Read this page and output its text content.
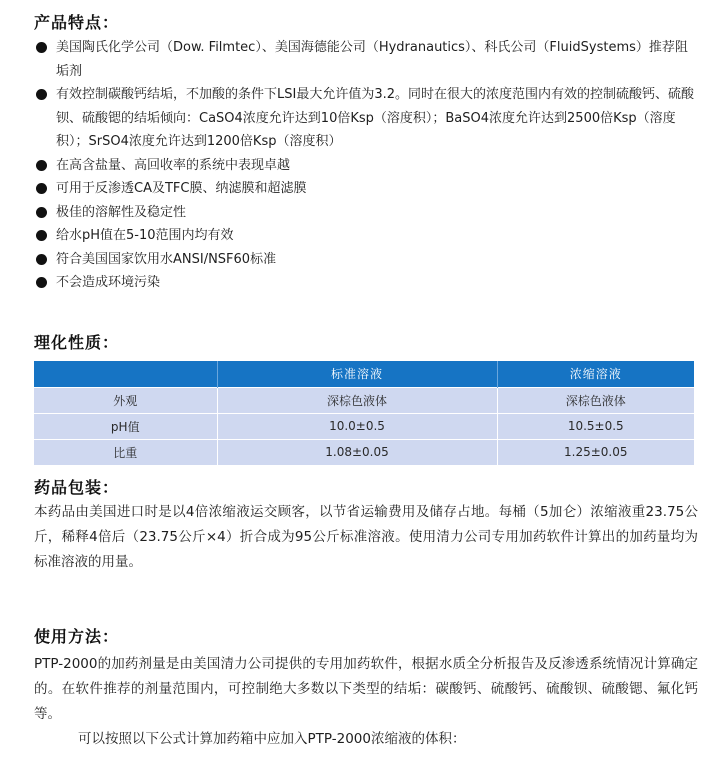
产品特点：
美国陶氏化学公司（Dow. Filmtec）、美国海德能公司（Hydranautics）、科氏公司（FluidSystems）推荐阻垢剂
有效控制碳酸钙结垢，不加酸的条件下LSI最大允许值为3.2。同时在很大的浓度范围内有效的控制硫酸钙、硫酸钡、硫酸锶的结垢倾向：CaSO4浓度允许达到10倍Ksp（溶度积）；BaSO4浓度允许达到2500倍Ksp（溶度积）；SrSO4浓度允许达到1200倍Ksp（溶度积）
在高含盐量、高回收率的系统中表现卓越
可用于反渗透CA及TFC膜、纳滤膜和超滤膜
极佳的溶解性及稳定性
给水pH值在5-10范围内均有效
符合美国国家饮用水ANSI/NSF60标准
不会造成环境污染
理化性质：
	标准溶液	浓缩溶液
外观	深棕色液体	深棕色液体
pH值	10.0±0.5	10.5±0.5
比重	1.08±0.05	1.25±0.05
药品包装：

本药品由美国进口时是以4倍浓缩液运交顾客，以节省运输费用及储存占地。每桶（5加仑）浓缩液重23.75公斤，稀释4倍后（23.75公斤×4）折合成为95公斤标准溶液。使用清力公司专用加药软件计算出的加药量均为标准溶液的用量。

使用方法：

PTP-2000的加药剂量是由美国清力公司提供的专用加药软件，根据水质全分析报告及反渗透系统情况计算确定的。在软件推荐的剂量范围内，可控制绝大多数以下类型的结垢：碳酸钙、硫酸钙、硫酸钡、硫酸锶、氟化钙等。

可以按照以下公式计算加药箱中应加入PTP-2000浓缩液的体积：
